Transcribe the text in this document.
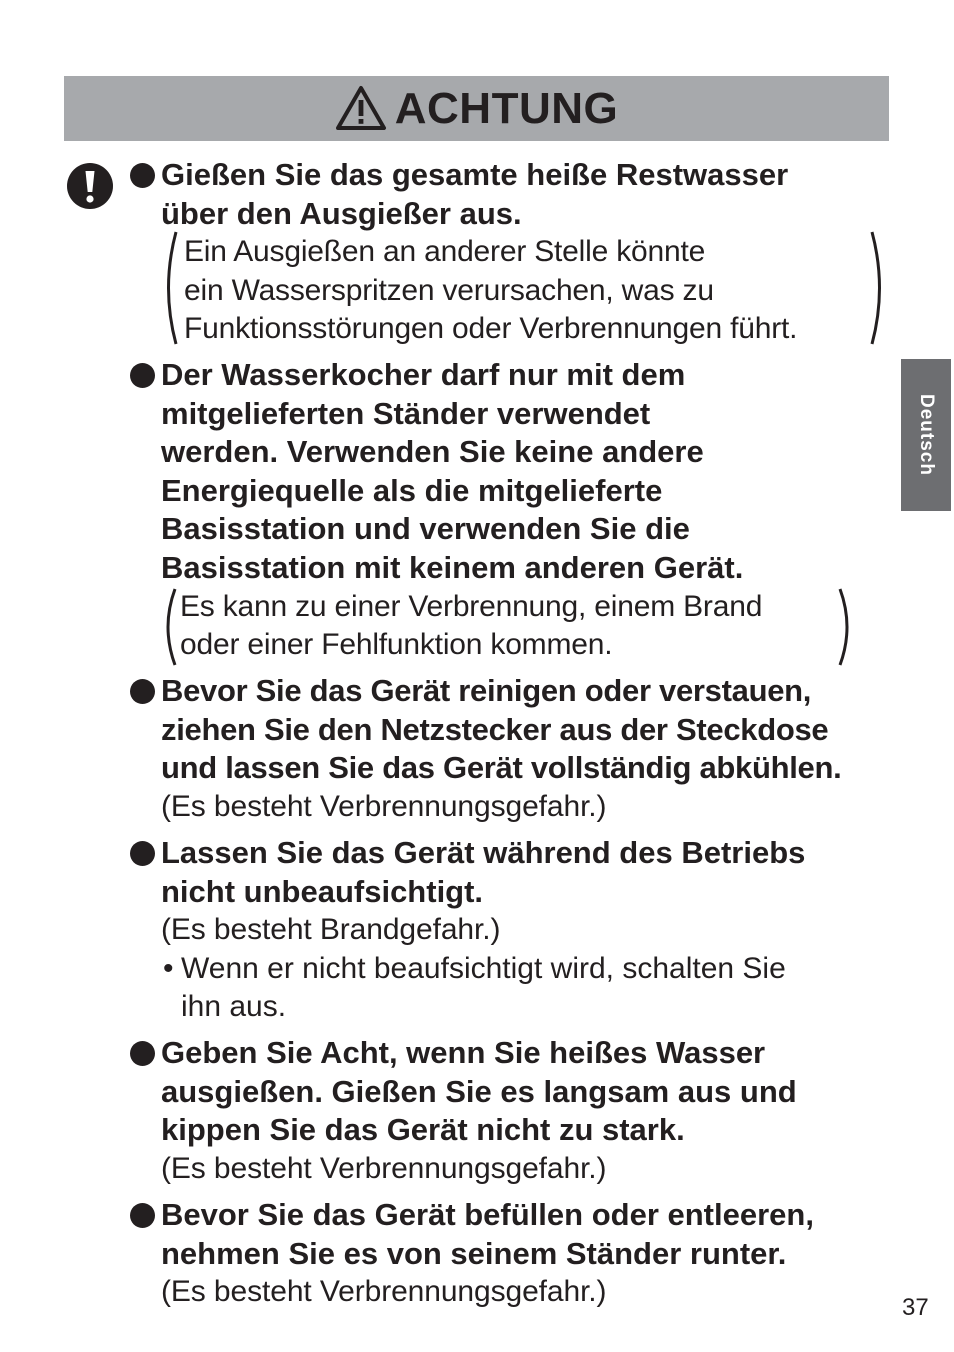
ACHTUNG
Gießen Sie das gesamte heiße Restwasser
über den Ausgießer aus.
Ein Ausgießen an anderer Stelle könnte
ein Wasserspritzen verursachen, was zu
Funktionsstörungen oder Verbrennungen führt.
Der Wasserkocher darf nur mit dem
mitgelieferten Ständer verwendet
werden. Verwenden Sie keine andere
Energiequelle als die mitgelieferte
Basisstation und verwenden Sie die
Basisstation mit keinem anderen Gerät.
Es kann zu einer Verbrennung, einem Brand
oder einer Fehlfunktion kommen.
Bevor Sie das Gerät reinigen oder verstauen,
ziehen Sie den Netzstecker aus der Steckdose
und lassen Sie das Gerät vollständig abkühlen.
(Es besteht Verbrennungsgefahr.)
Lassen Sie das Gerät während des Betriebs
nicht unbeaufsichtigt.
(Es besteht Brandgefahr.)
• Wenn er nicht beaufsichtigt wird, schalten Sie
ihn aus.
Geben Sie Acht, wenn Sie heißes Wasser
ausgießen. Gießen Sie es langsam aus und
kippen Sie das Gerät nicht zu stark.
(Es besteht Verbrennungsgefahr.)
Bevor Sie das Gerät befüllen oder entleeren,
nehmen Sie es von seinem Ständer runter.
(Es besteht Verbrennungsgefahr.)
Deutsch
37
